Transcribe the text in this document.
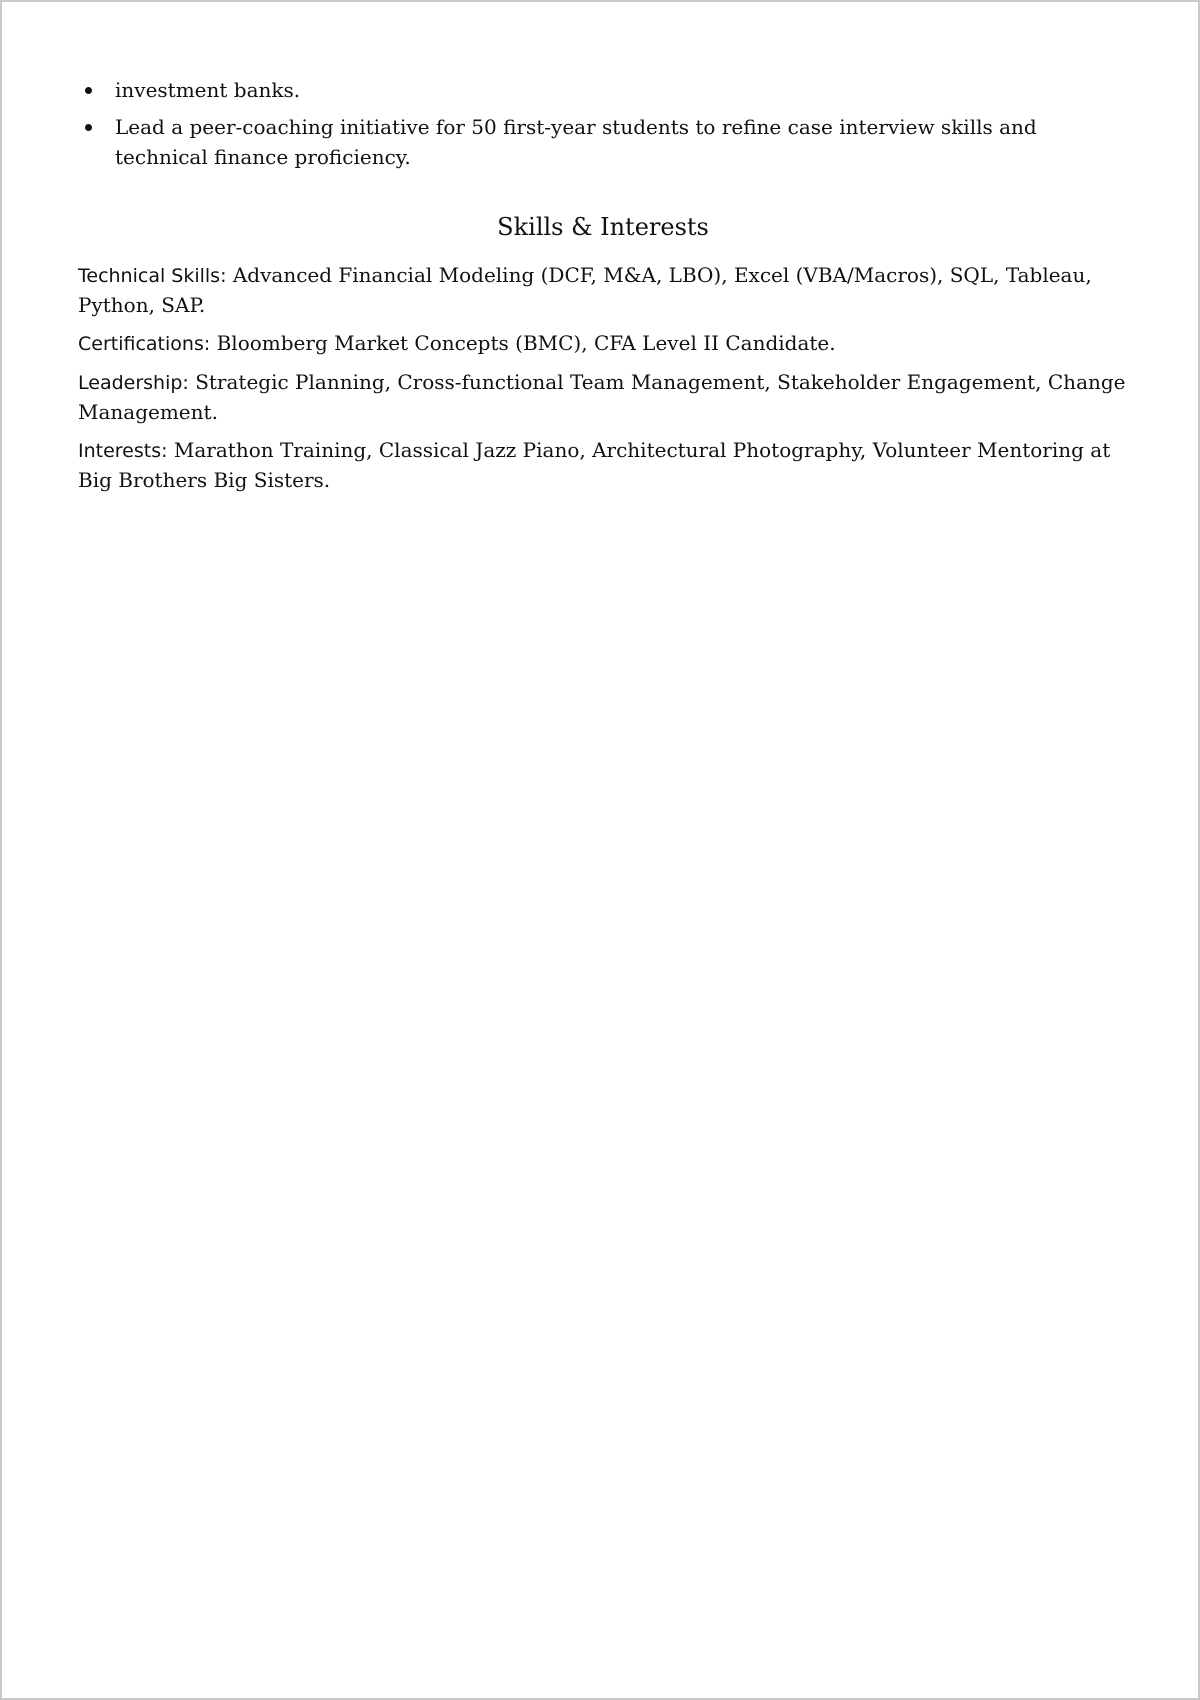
investment banks.
Lead a peer-coaching initiative for 50 first-year students to refine case interview skills and technical finance proficiency.
Skills & Interests

Technical Skills: Advanced Financial Modeling (DCF, M&A, LBO), Excel (VBA/Macros), SQL, Tableau, Python, SAP.

Certifications: Bloomberg Market Concepts (BMC), CFA Level II Candidate.

Leadership: Strategic Planning, Cross-functional Team Management, Stakeholder Engagement, Change Management.

Interests: Marathon Training, Classical Jazz Piano, Architectural Photography, Volunteer Mentoring at Big Brothers Big Sisters.
